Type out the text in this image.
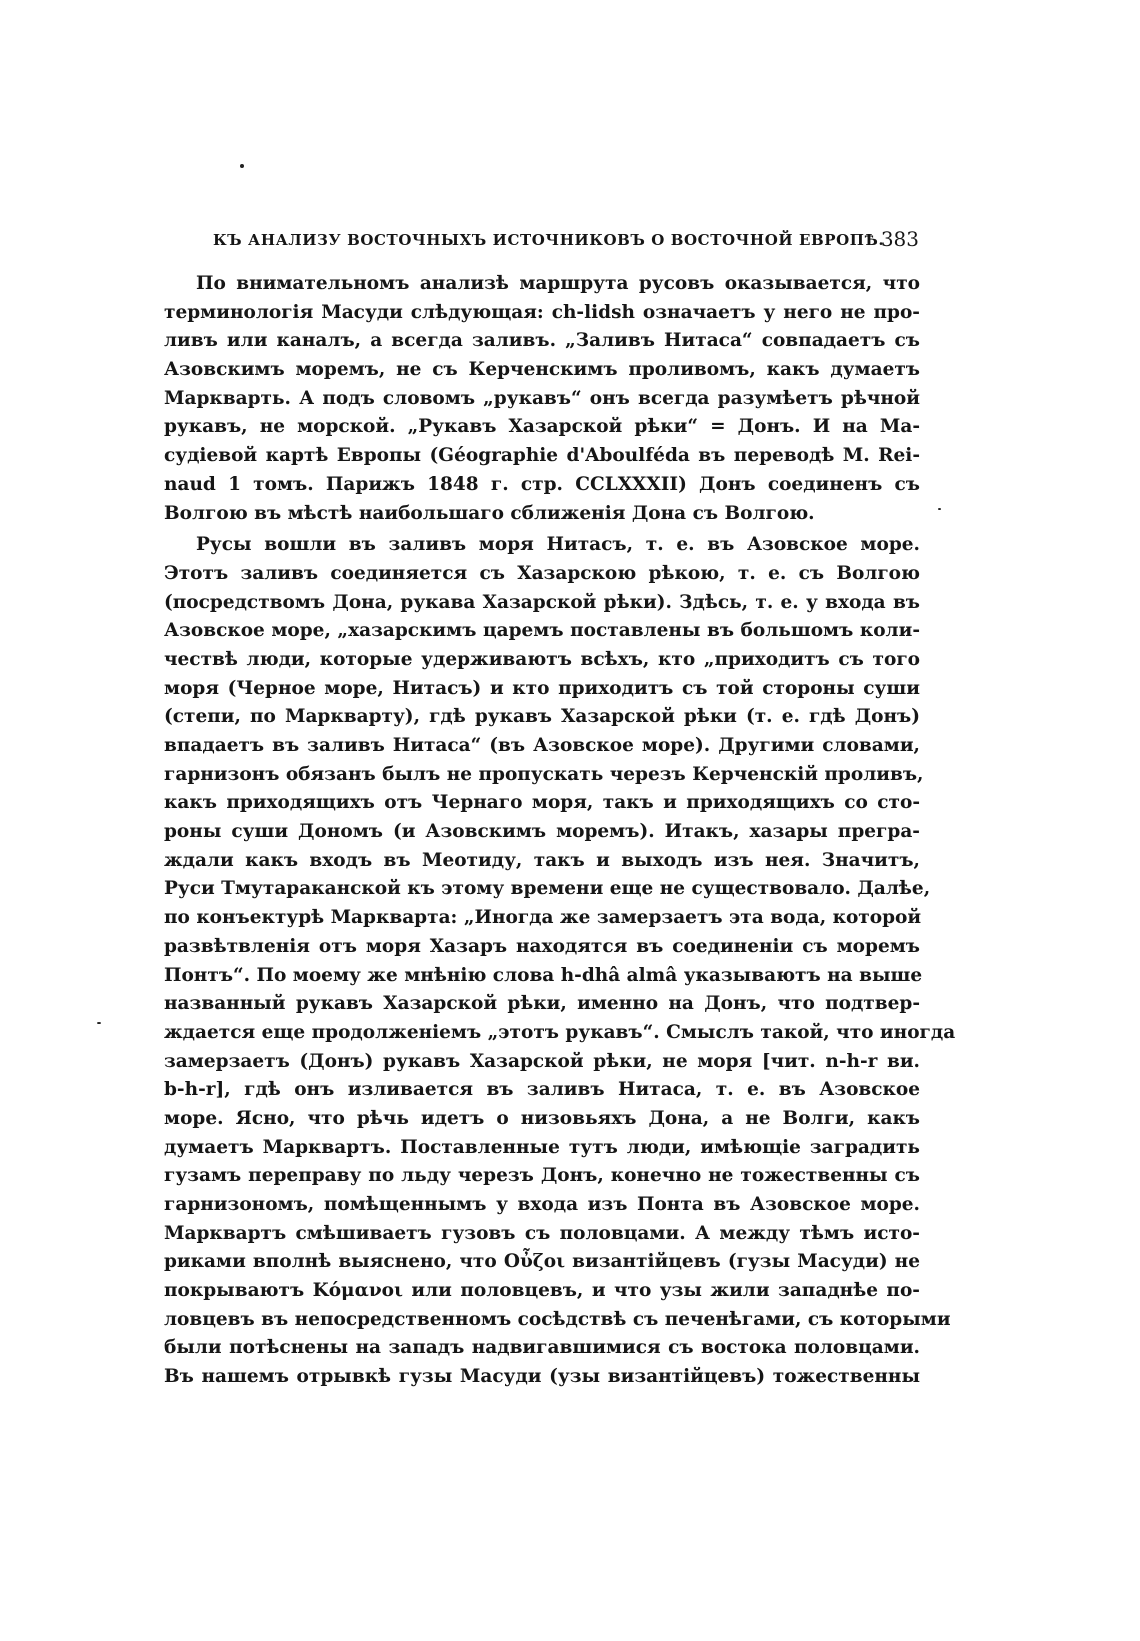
КЪ АНАЛИЗУ ВОСТОЧНЫХЪ ИСТОЧНИКОВЪ О ВОСТОЧНОЙ ЕВРОПѢ.
383
По внимательномъ анализѣ маршрута русовъ оказывается, что
терминологія Масуди слѣдующая: ch-lidsh означаетъ у него не про-
ливъ или каналъ, а всегда заливъ. „Заливъ Нитаса“ совпадаетъ съ
Азовскимъ моремъ, не съ Керченскимъ проливомъ, какъ думаетъ
Маркварть. А подъ словомъ „рукавъ“ онъ всегда разумѣетъ рѣчной
рукавъ, не морской. „Рукавъ Хазарской рѣки“ = Донъ. И на Ма-
судіевой картѣ Европы (Géographie d'Aboulféda въ переводѣ M. Rei-
naud 1 томъ. Парижъ 1848 г. стр. CCLXXXII) Донъ соединенъ съ
Волгою въ мѣстѣ наибольшаго сближенія Дона съ Волгою.
Русы вошли въ заливъ моря Нитасъ, т. е. въ Азовское море.
Этотъ заливъ соединяется съ Хазарскою рѣкою, т. е. съ Волгою
(посредствомъ Дона, рукава Хазарской рѣки). Здѣсь, т. е. у входа въ
Азовское море, „хазарскимъ царемъ поставлены въ большомъ коли-
чествѣ люди, которые удерживаютъ всѣхъ, кто „приходитъ съ того
моря (Черное море, Нитасъ) и кто приходитъ съ той стороны суши
(степи, по Маркварту), гдѣ рукавъ Хазарской рѣки (т. е. гдѣ Донъ)
впадаетъ въ заливъ Нитаса“ (въ Азовское море). Другими словами,
гарнизонъ обязанъ былъ не пропускать черезъ Керченскій проливъ,
какъ приходящихъ отъ Чернаго моря, такъ и приходящихъ со сто-
роны суши Дономъ (и Азовскимъ моремъ). Итакъ, хазары прегра-
ждали какъ входъ въ Меотиду, такъ и выходъ изъ нея. Значитъ,
Руси Тмутараканской къ этому времени еще не существовало. Далѣе,
по конъектурѣ Маркварта: „Иногда же замерзаетъ эта вода, которой
развѣтвленія отъ моря Хазаръ находятся въ соединеніи съ моремъ
Понтъ“. По моему же мнѣнію слова h-dhâ almâ указываютъ на выше
названный рукавъ Хазарской рѣки, именно на Донъ, что подтвер-
ждается еще продолженіемъ „этотъ рукавъ“. Смыслъ такой, что иногда
замерзаетъ (Донъ) рукавъ Хазарской рѣки, не моря [чит. n-h-r ви.
b-h-r], гдѣ онъ изливается въ заливъ Нитаса, т. е. въ Азовское
море. Ясно, что рѣчь идетъ о низовьяхъ Дона, а не Волги, какъ
думаетъ Марквартъ. Поставленные тутъ люди, имѣющіе заградить
гузамъ переправу по льду черезъ Донъ, конечно не тожественны съ
гарнизономъ, помѣщеннымъ у входа изъ Понта въ Азовское море.
Марквартъ смѣшиваетъ гузовъ съ половцами. А между тѣмъ исто-
риками вполнѣ выяснено, что Οὖζοι византійцевъ (гузы Масуди) не
покрываютъ Κόμανοι или половцевъ, и что узы жили западнѣе по-
ловцевъ въ непосредственномъ сосѣдствѣ съ печенѣгами, съ которыми
были потѣснены на западъ надвигавшимися съ востока половцами.
Въ нашемъ отрывкѣ гузы Масуди (узы византійцевъ) тожественны
